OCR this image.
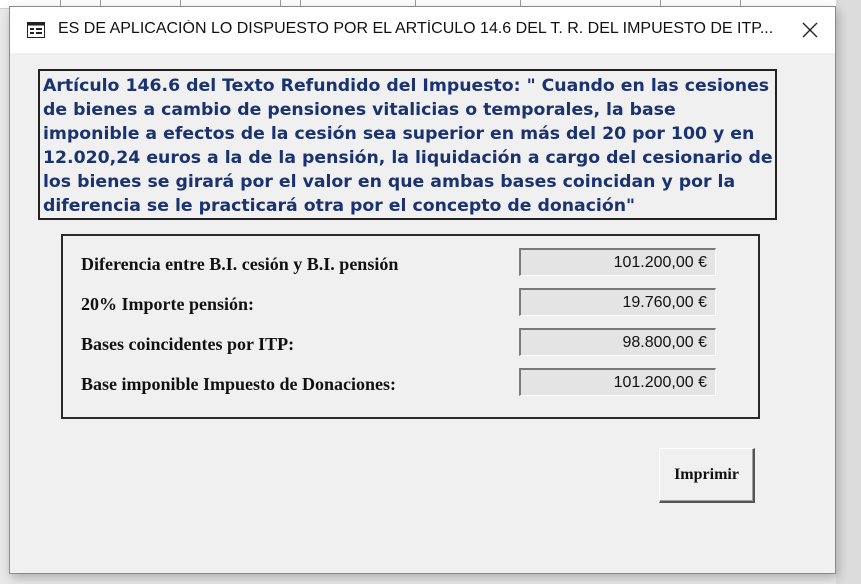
ES DE APLICACIÓN LO DISPUESTO POR EL ARTÍCULO 14.6 DEL T. R. DEL IMPUESTO DE ITP...

Artículo 146.6 del Texto Refundido del Impuesto: " Cuando en las cesiones de bienes a cambio de pensiones vitalicias o temporales, la base imponible a efectos de la cesión sea superior en más del 20 por 100 y en 12.020,24 euros a la de la pensión, la liquidación a cargo del cesionario de los bienes se girará por el valor en que ambas bases coincidan y por la diferencia se le practicará otra por el concepto de donación"

Diferencia entre B.I. cesión y B.I. pensión	101.200,00 €
20% Importe pensión:	19.760,00 €
Bases coincidentes por ITP:	98.800,00 €
Base imponible Impuesto de Donaciones:	101.200,00 €
Imprimir
